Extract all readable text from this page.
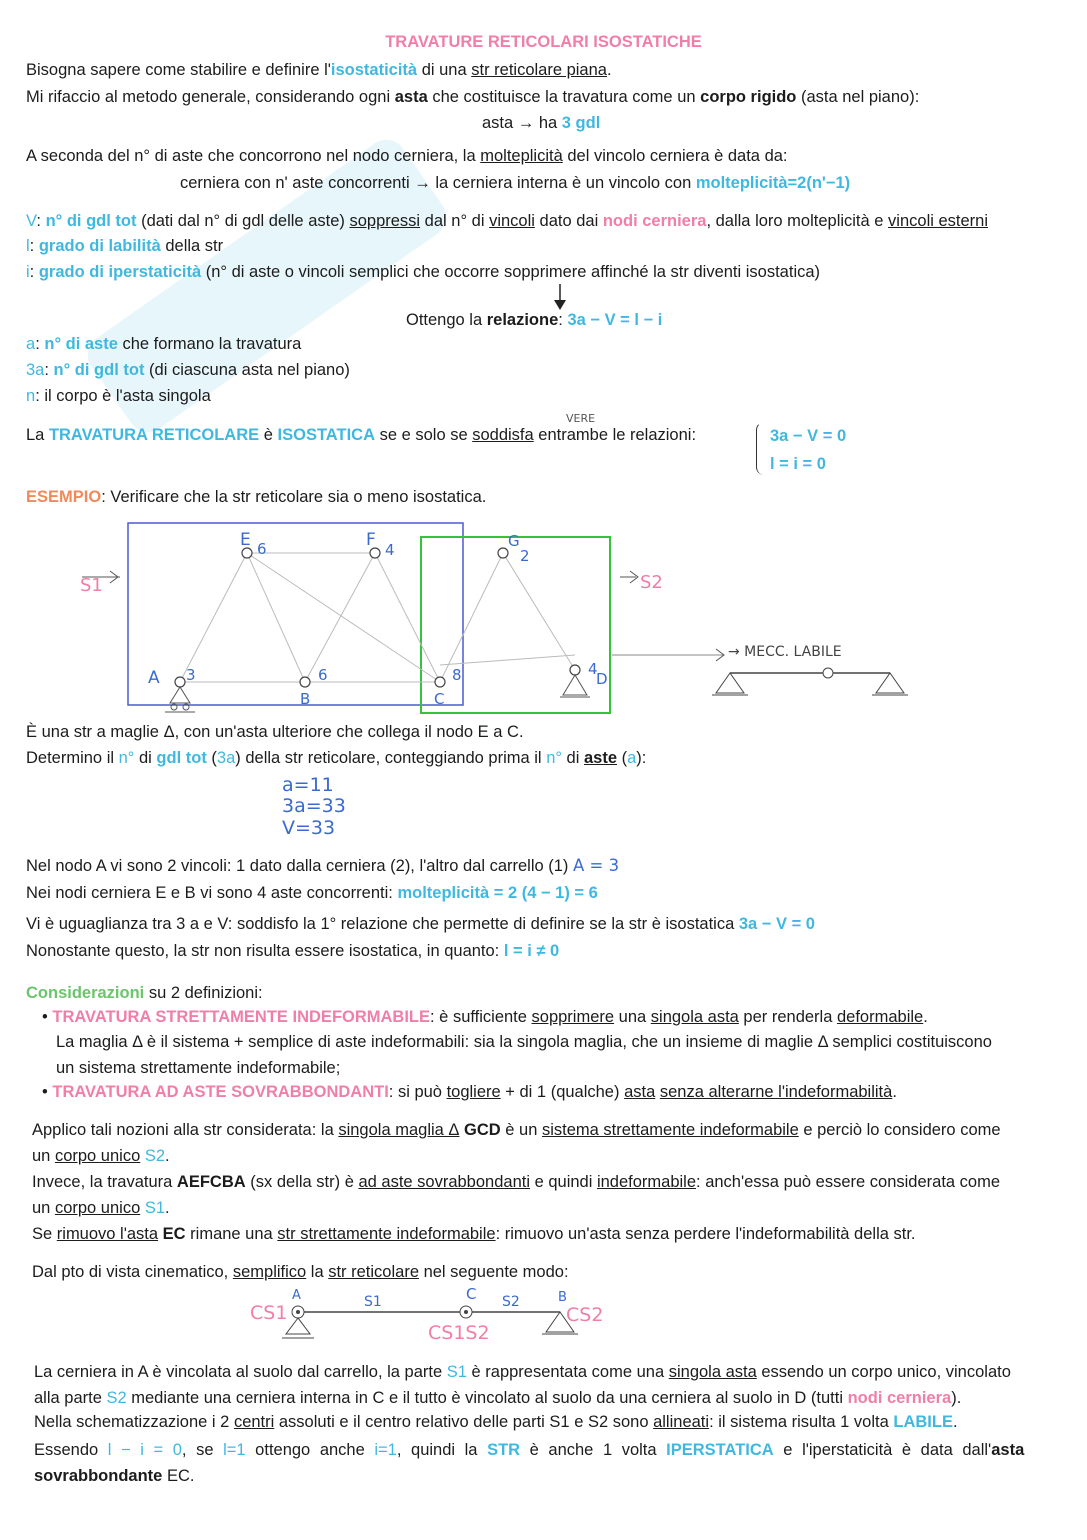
TRAVATURE RETICOLARI ISOSTATICHE
Bisogna sapere come stabilire e definire l'isostaticità di una str reticolare piana.
Mi rifaccio al metodo generale, considerando ogni asta che costituisce la travatura come un corpo rigido (asta nel piano):
asta → ha 3 gdl
A seconda del n° di aste che concorrono nel nodo cerniera, la molteplicità del vincolo cerniera è data da:
cerniera con n' aste concorrenti → la cerniera interna è un vincolo con molteplicità=2(n'−1)
V: n° di gdl tot (dati dal n° di gdl delle aste) soppressi dal n° di vincoli dato dai nodi cerniera, dalla loro molteplicità e vincoli esterni
l: grado di labilità della str
i: grado di iperstaticità (n° di aste o vincoli semplici che occorre sopprimere affinché la str diventi isostatica)
Ottengo la relazione: 3a − V = l − i
a: n° di aste che formano la travatura
3a: n° di gdl tot (di ciascuna asta nel piano)
n: il corpo è l'asta singola
VERE
La TRAVATURA RETICOLARE è ISOSTATICA se e solo se soddisfa entrambe le relazioni:	3a − V = 0
l = i = 0
ESEMPIO: Verificare che la str reticolare sia o meno isostatica.
E 6	F 4	G
2
A 3
B
6
C
8	D
4
S1	S2
→ MECC. LABILE
È una str a maglie Δ, con un'asta ulteriore che collega il nodo E a C.
Determino il n° di gdl tot (3a) della str reticolare, conteggiando prima il n° di aste (a):
a=11
3a=33
V=33
Nel nodo A vi sono 2 vincoli: 1 dato dalla cerniera (2), l'altro dal carrello (1) A = 3
Nei nodi cerniera E e B vi sono 4 aste concorrenti: molteplicità = 2 (4 − 1) = 6
Vi è uguaglianza tra 3 a e V: soddisfo la 1° relazione che permette di definire se la str è isostatica 3a − V = 0
Nonostante questo, la str non risulta essere isostatica, in quanto: l = i ≠ 0
Considerazioni su 2 definizioni:
• TRAVATURA STRETTAMENTE INDEFORMABILE: è sufficiente sopprimere una singola asta per renderla deformabile.
La maglia Δ è il sistema + semplice di aste indeformabili: sia la singola maglia, che un insieme di maglie Δ semplici costituiscono
un sistema strettamente indeformabile;
• TRAVATURA AD ASTE SOVRABBONDANTI: si può togliere + di 1 (qualche) asta senza alterarne l'indeformabilità.
Applico tali nozioni alla str considerata: la singola maglia Δ GCD è un sistema strettamente indeformabile e perciò lo considero come
un corpo unico S2.
Invece, la travatura AEFCBA (sx della str) è ad aste sovrabbondanti e quindi indeformabile: anch'essa può essere considerata come
un corpo unico S1.
Se rimuovo l'asta EC rimane una str strettamente indeformabile: rimuovo un'asta senza perdere l'indeformabilità della str.
Dal pto di vista cinematico, semplifico la str reticolare nel seguente modo:
A	C	B
CS1	S1	S2
CS1S2
CS2
La cerniera in A è vincolata al suolo dal carrello, la parte S1 è rappresentata come una singola asta essendo un corpo unico, vincolato
alla parte S2 mediante una cerniera interna in C e il tutto è vincolato al suolo da una cerniera al suolo in D (tutti nodi cerniera).
Nella schematizzazione i 2 centri assoluti e il centro relativo delle parti S1 e S2 sono allineati: il sistema risulta 1 volta LABILE.
Essendo l − i = 0, se l=1 ottengo anche i=1, quindi la STR è anche 1 volta IPERSTATICA e l'iperstaticità è data dall'asta
sovrabbondante EC.
